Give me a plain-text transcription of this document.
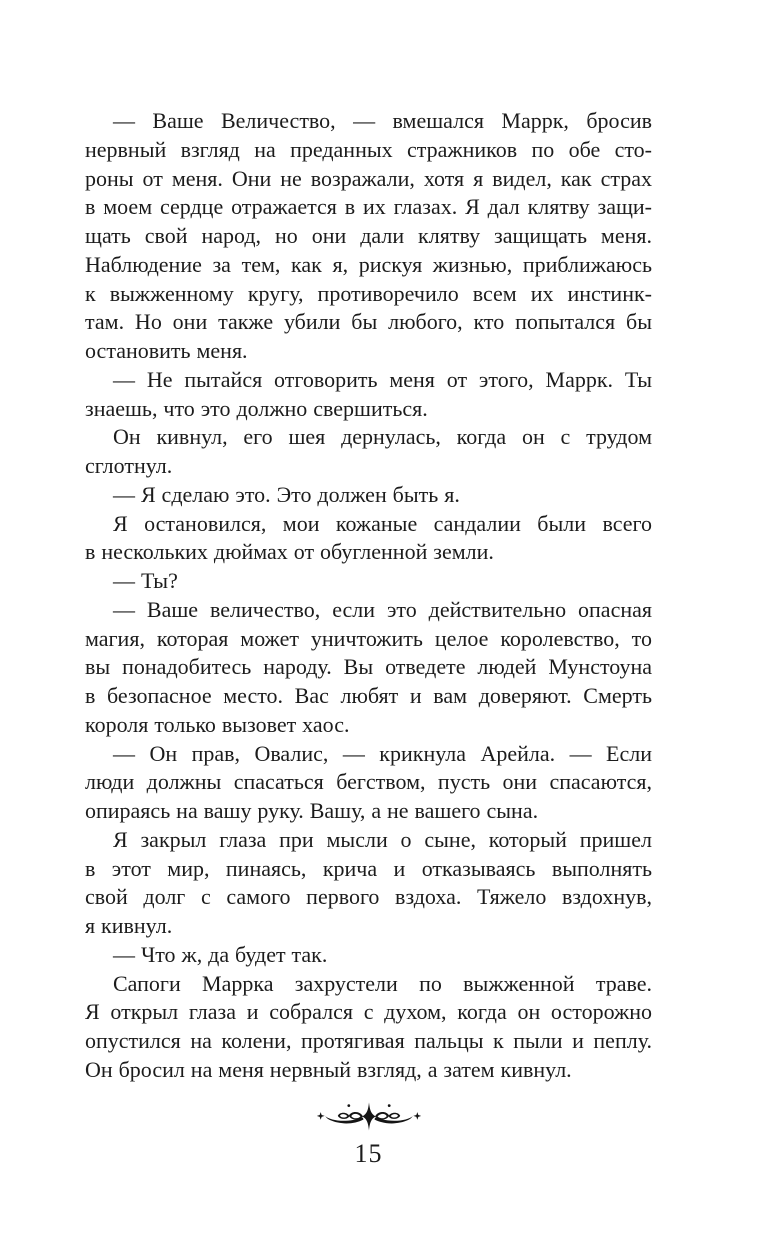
— Ваше Величество, — вмешался Маррк, бросив
нервный взгляд на преданных стражников по обе сто-
роны от меня. Они не возражали, хотя я видел, как страх
в моем сердце отражается в их глазах. Я дал клятву защи-
щать свой народ, но они дали клятву защищать меня.
Наблюдение за тем, как я, рискуя жизнью, приближаюсь
к выжженному кругу, противоречило всем их инстинк-
там. Но они также убили бы любого, кто попытался бы
остановить меня.
— Не пытайся отговорить меня от этого, Маррк. Ты
знаешь, что это должно свершиться.
Он кивнул, его шея дернулась, когда он с трудом
сглотнул.
— Я сделаю это. Это должен быть я.
Я остановился, мои кожаные сандалии были всего
в нескольких дюймах от обугленной земли.
— Ты?
— Ваше величество, если это действительно опасная
магия, которая может уничтожить целое королевство, то
вы понадобитесь народу. Вы отведете людей Мунстоуна
в безопасное место. Вас любят и вам доверяют. Смерть
короля только вызовет хаос.
— Он прав, Овалис, — крикнула Арейла. — Если
люди должны спасаться бегством, пусть они спасаются,
опираясь на вашу руку. Вашу, а не вашего сына.
Я закрыл глаза при мысли о сыне, который пришел
в этот мир, пинаясь, крича и отказываясь выполнять
свой долг с самого первого вздоха. Тяжело вздохнув,
я кивнул.
— Что ж, да будет так.
Сапоги Маррка захрустели по выжженной траве.
Я открыл глаза и собрался с духом, когда он осторожно
опустился на колени, протягивая пальцы к пыли и пеплу.
Он бросил на меня нервный взгляд, а затем кивнул.
15
